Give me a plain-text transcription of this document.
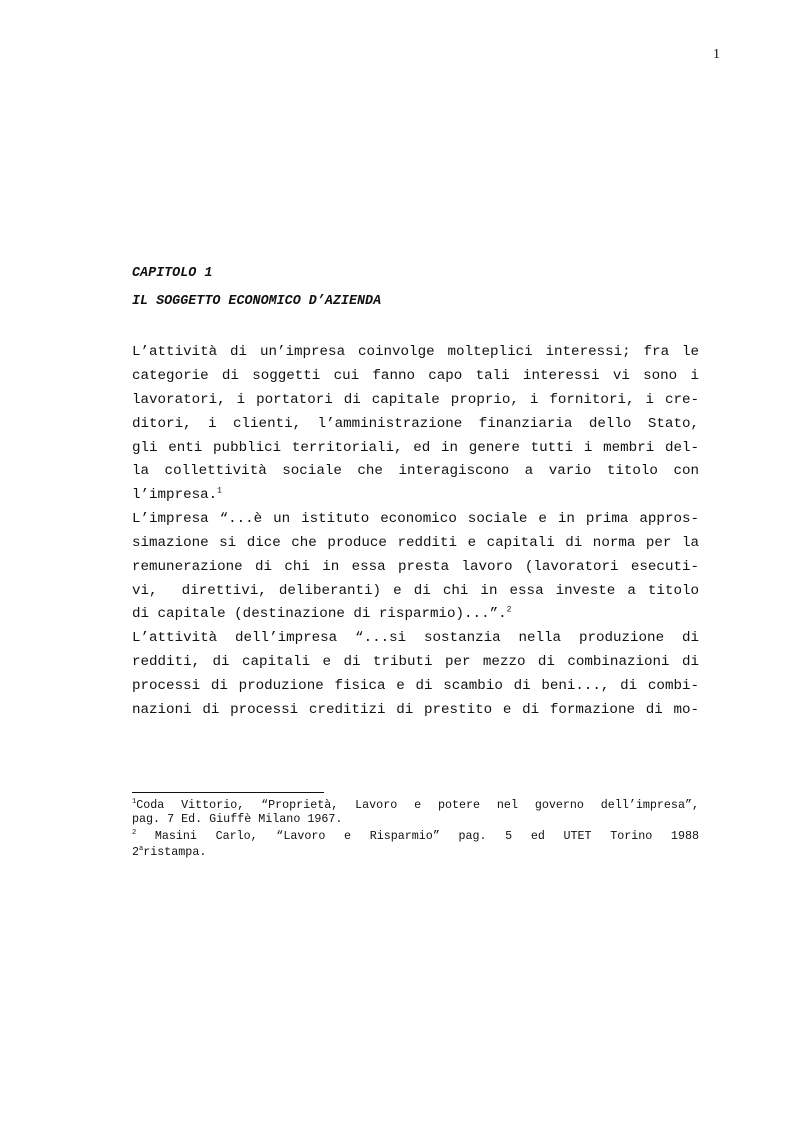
1
CAPITOLO 1
IL SOGGETTO ECONOMICO D’AZIENDA
L’attività di un’impresa coinvolge molteplici interessi; fra le
categorie di soggetti cui fanno capo tali interessi vi sono i
lavoratori, i portatori di capitale proprio, i fornitori, i cre-
ditori, i clienti, l’amministrazione finanziaria dello Stato,
gli enti pubblici territoriali, ed in genere tutti i membri del-
la collettività sociale che interagiscono a vario titolo con
l’impresa.$^1$
L’impresa “...è un istituto economico sociale e in prima appros-
simazione si dice che produce redditi e capitali di norma per la
remunerazione di chi in essa presta lavoro (lavoratori esecuti-
vi,  direttivi, deliberanti) e di chi in essa investe a titolo
di capitale (destinazione di risparmio)...”.$^2$
L’attività dell’impresa “...si sostanzia nella produzione di
redditi, di capitali e di tributi per mezzo di combinazioni di
processi di produzione fisica e di scambio di beni..., di combi-
nazioni di processi creditizi di prestito e di formazione di mo-
$^1$Coda Vittorio, “Proprietà, Lavoro e potere nel governo dell’impresa”,
pag. 7 Ed. Giuffè Milano 1967.
$^2$ Masini Carlo, “Lavoro e Risparmio” pag. 5 ed UTET Torino 1988
2$^a$ristampa.
